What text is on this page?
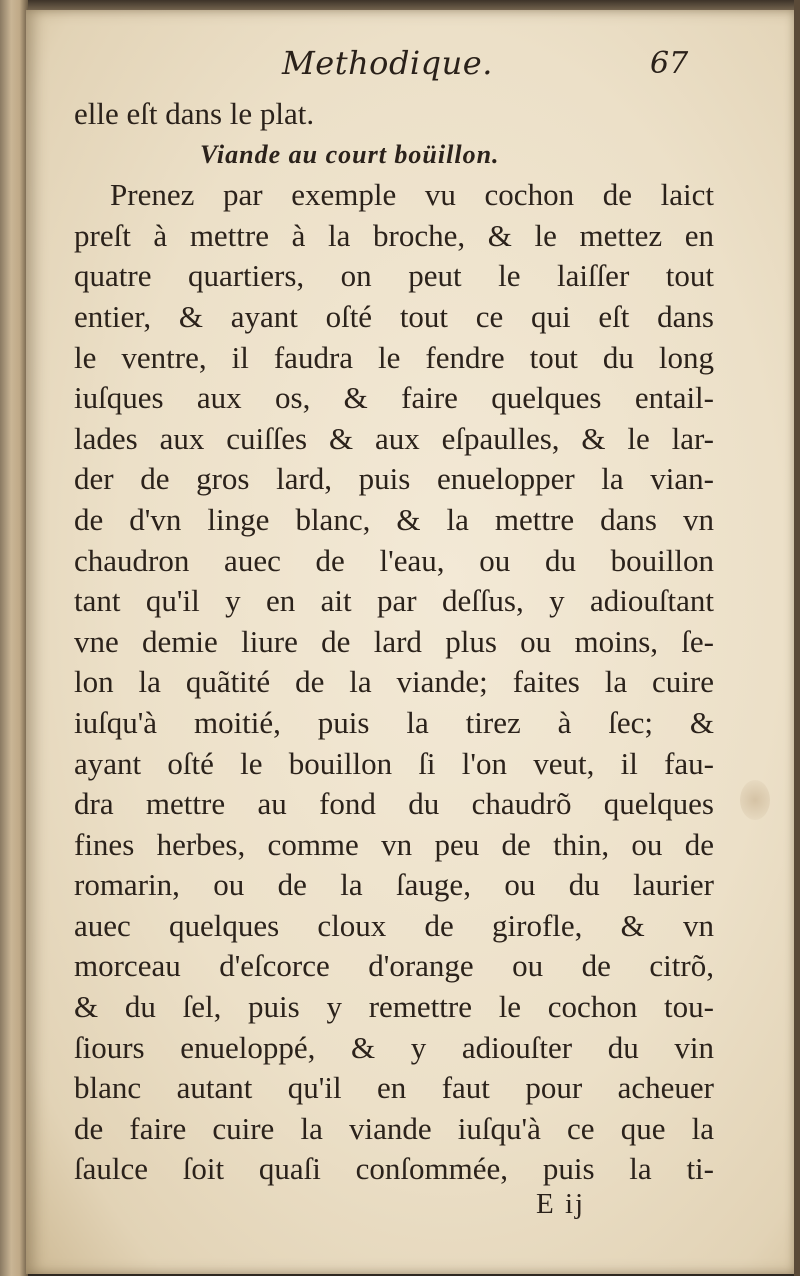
Methodique.	67
elle eſt dans le plat.
Viande au court boüillon.
Prenez par exemple vu cochon de laict
preſt à mettre à la broche, & le mettez en
quatre quartiers, on peut le laiſſer tout
entier, & ayant oſté tout ce qui eſt dans
le ventre, il faudra le fendre tout du long
iuſques aux os, & faire quelques entail-
lades aux cuiſſes & aux eſpaulles, & le lar-
der de gros lard, puis enuelopper la vian-
de d'vn linge blanc, & la mettre dans vn
chaudron auec de l'eau, ou du bouillon
tant qu'il y en ait par deſſus, y adiouſtant
vne demie liure de lard plus ou moins, ſe-
lon la quãtité de la viande; faites la cuire
iuſqu'à moitié, puis la tirez à ſec; &
ayant oſté le bouillon ſi l'on veut, il fau-
dra mettre au fond du chaudrõ quelques
fines herbes, comme vn peu de thin, ou de
romarin, ou de la ſauge, ou du laurier
auec quelques cloux de girofle, & vn
morceau d'eſcorce d'orange ou de citrõ,
& du ſel, puis y remettre le cochon tou-
ſiours enueloppé, & y adiouſter du vin
blanc autant qu'il en faut pour acheuer
de faire cuire la viande iuſqu'à ce que la
ſaulce ſoit quaſi conſommée, puis la ti-
E ij
